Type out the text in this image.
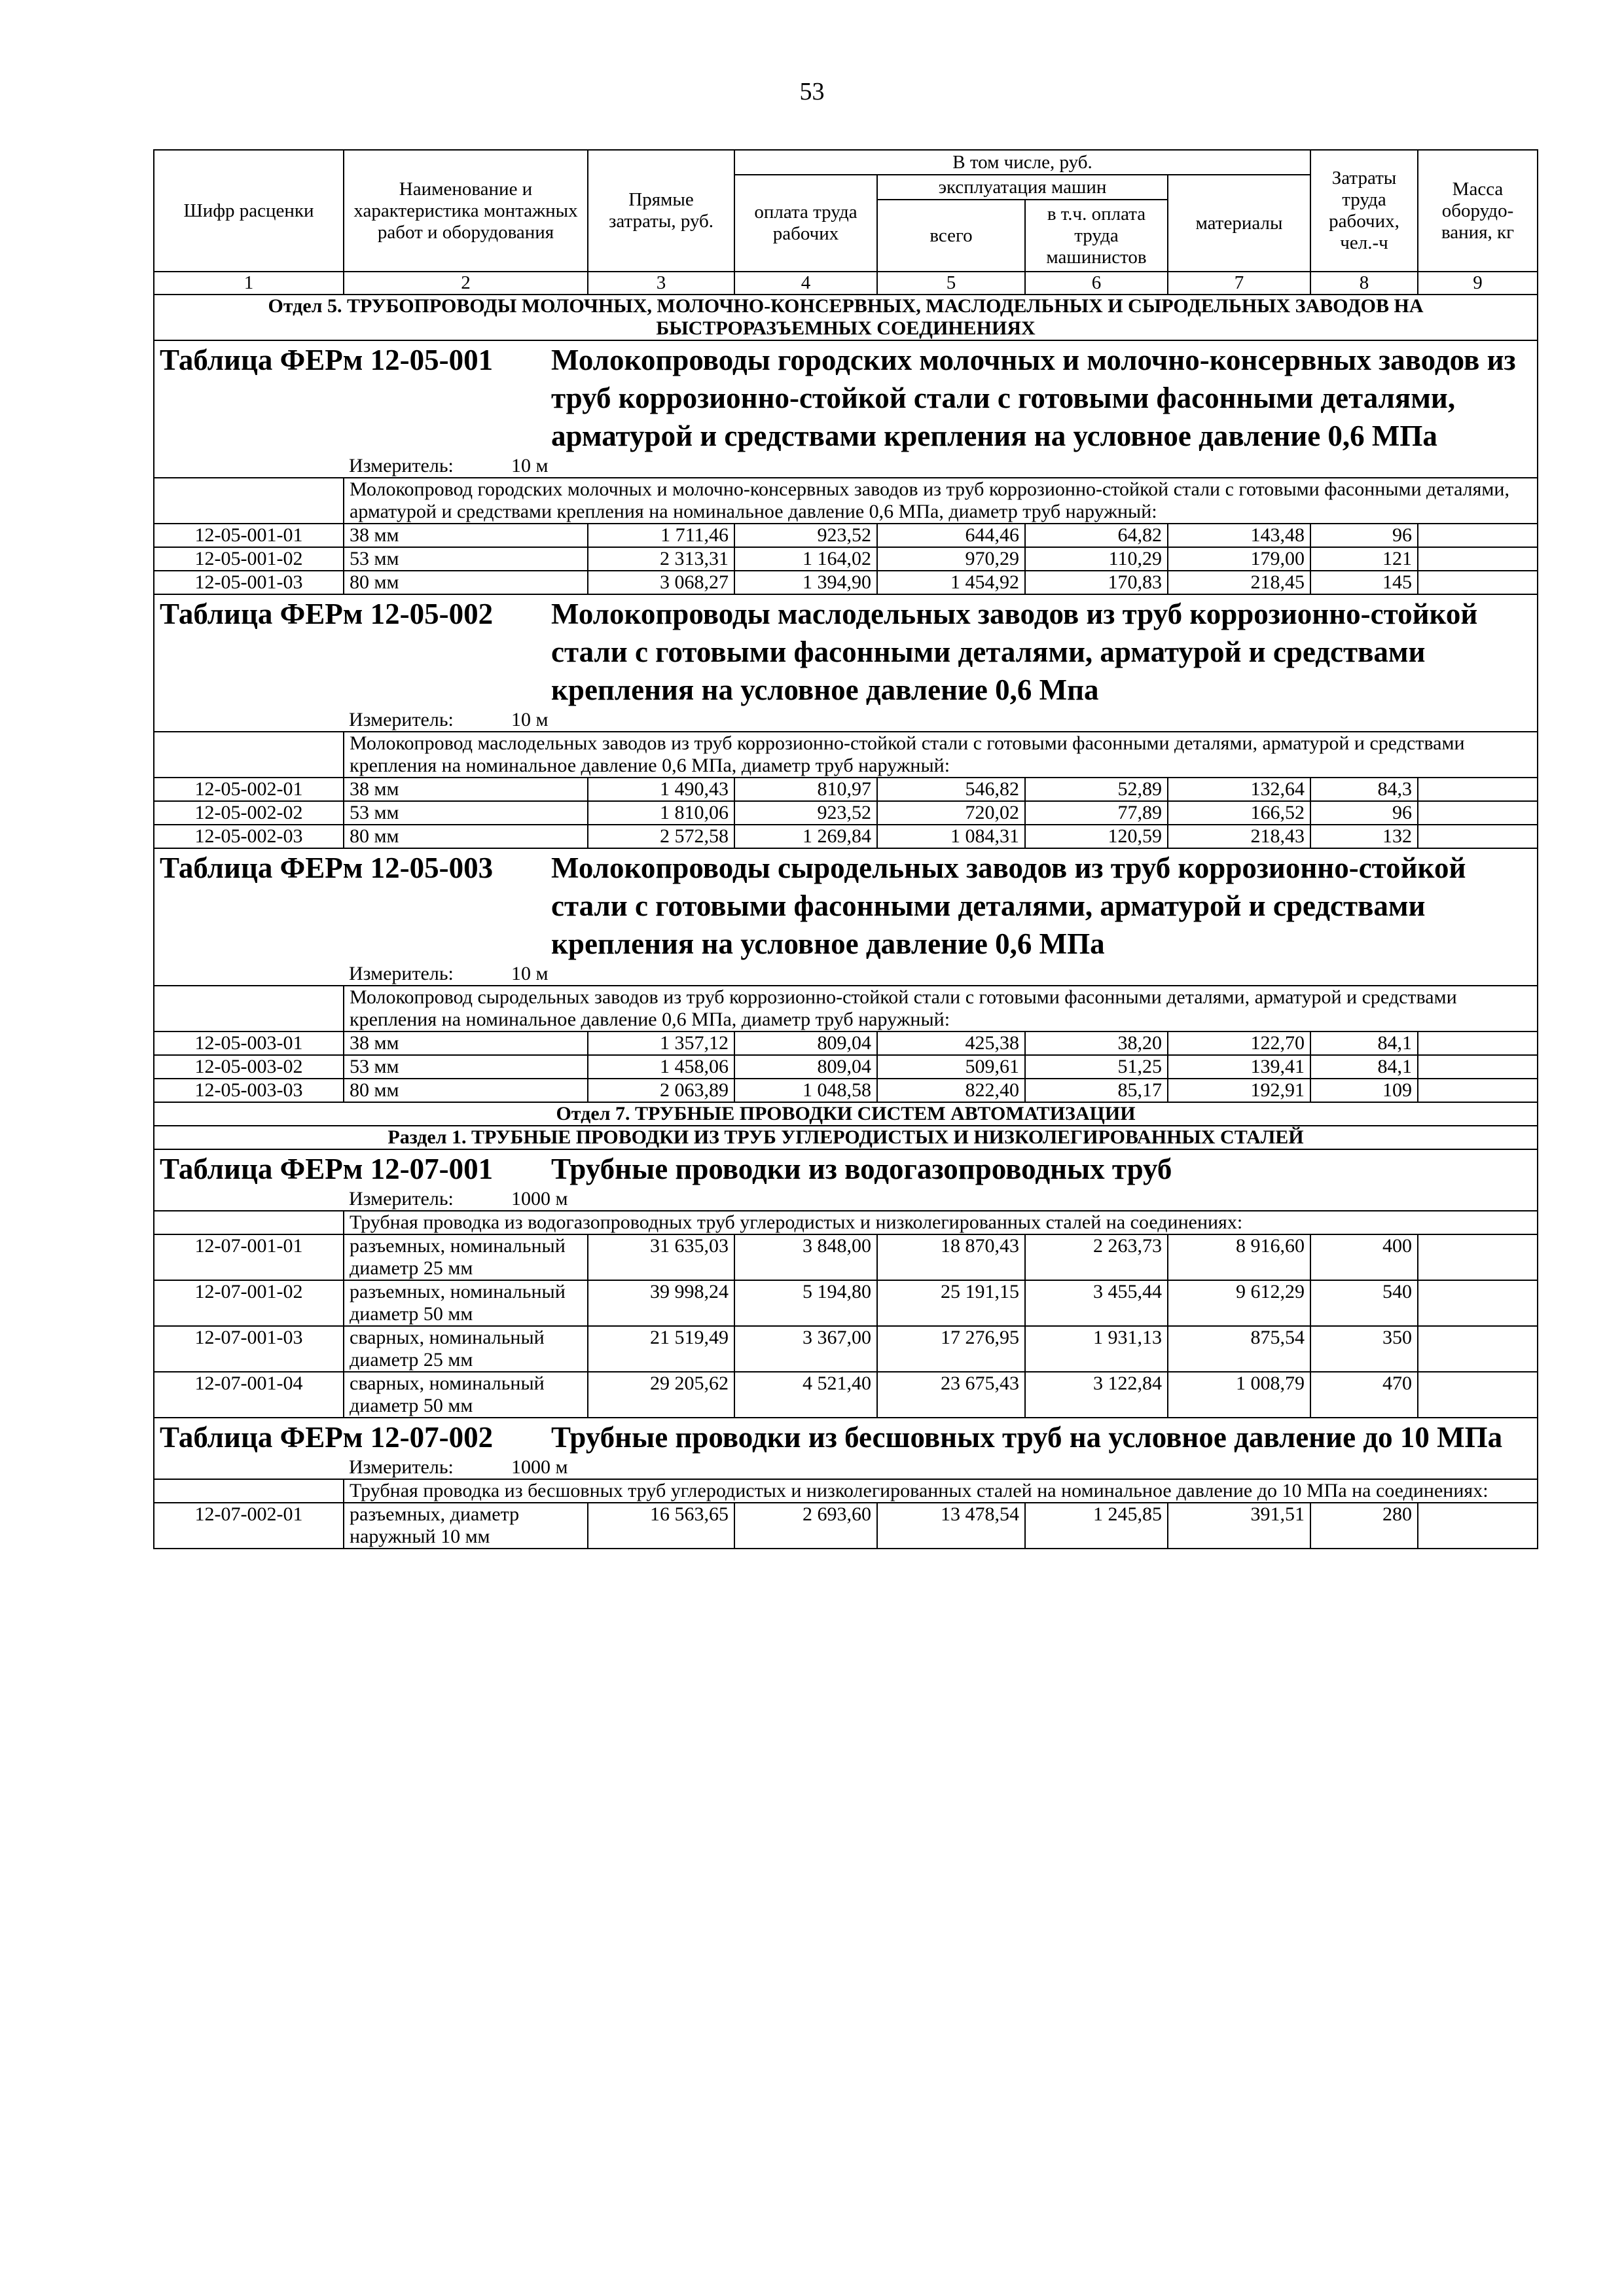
53
Шифр расценки	Наименование и характеристика монтажных работ и оборудования	Прямые затраты, руб.	В том числе, руб.				Затраты труда рабочих, чел.-ч	Масса оборудо-вания, кг
			оплата труда рабочих	эксплуатация машин		материалы		
				всего	в т.ч. оплата труда машинистов			
1	2	3	4	5	6	7	8	9
Отдел 5. ТРУБОПРОВОДЫ МОЛОЧНЫХ, МОЛОЧНО-КОНСЕРВНЫХ, МАСЛОДЕЛЬНЫХ И СЫРОДЕЛЬНЫХ ЗАВОДОВ НА БЫСТРОРАЗЪЕМНЫХ СОЕДИНЕНИЯХ								

Таблица ФЕРм 12-05-001 Молокопроводы городских молочных и молочно-консервных заводов из труб коррозионно-стойкой стали с готовыми фасонными деталями, арматурой и средствами крепления на условное давление 0,6 МПа								

	Измеритель: 10 м							
	Молокопровод городских молочных и молочно-консервных заводов из труб коррозионно-стойкой стали с готовыми фасонными деталями, арматурой и средствами крепления на номинальное давление 0,6 МПа, диаметр труб наружный:							
12-05-001-01	38 мм	1 711,46	923,52	644,46	64,82	143,48	96	
12-05-001-02	53 мм	2 313,31	1 164,02	970,29	110,29	179,00	121	
12-05-001-03	80 мм	3 068,27	1 394,90	1 454,92	170,83	218,45	145	

Таблица ФЕРм 12-05-002 Молокопроводы маслодельных заводов из труб коррозионно-стойкой стали с готовыми фасонными деталями, арматурой и средствами крепления на условное давление 0,6 Мпа								

	Измеритель: 10 м							
	Молокопровод маслодельных заводов из труб коррозионно-стойкой стали с готовыми фасонными деталями, арматурой и средствами крепления на номинальное давление 0,6 МПа, диаметр труб наружный:							
12-05-002-01	38 мм	1 490,43	810,97	546,82	52,89	132,64	84,3	
12-05-002-02	53 мм	1 810,06	923,52	720,02	77,89	166,52	96	
12-05-002-03	80 мм	2 572,58	1 269,84	1 084,31	120,59	218,43	132	

Таблица ФЕРм 12-05-003 Молокопроводы сыродельных заводов из труб коррозионно-стойкой стали с готовыми фасонными деталями, арматурой и средствами крепления на условное давление 0,6 МПа								

	Измеритель: 10 м							
	Молокопровод сыродельных заводов из труб коррозионно-стойкой стали с готовыми фасонными деталями, арматурой и средствами крепления на номинальное давление 0,6 МПа, диаметр труб наружный:							
12-05-003-01	38 мм	1 357,12	809,04	425,38	38,20	122,70	84,1	
12-05-003-02	53 мм	1 458,06	809,04	509,61	51,25	139,41	84,1	
12-05-003-03	80 мм	2 063,89	1 048,58	822,40	85,17	192,91	109	
Отдел 7. ТРУБНЫЕ ПРОВОДКИ СИСТЕМ АВТОМАТИЗАЦИИ								
Раздел 1. ТРУБНЫЕ ПРОВОДКИ ИЗ ТРУБ УГЛЕРОДИСТЫХ И НИЗКОЛЕГИРОВАННЫХ СТАЛЕЙ								

Таблица ФЕРм 12-07-001 Трубные проводки из водогазопроводных труб								

	Измеритель: 1000 м							
	Трубная проводка из водогазопроводных труб углеродистых и низколегированных сталей на соединениях:							
12-07-001-01	разъемных, номинальный диаметр 25 мм	31 635,03	3 848,00	18 870,43	2 263,73	8 916,60	400	
12-07-001-02	разъемных, номинальный диаметр 50 мм	39 998,24	5 194,80	25 191,15	3 455,44	9 612,29	540	
12-07-001-03	сварных, номинальный диаметр 25 мм	21 519,49	3 367,00	17 276,95	1 931,13	875,54	350	
12-07-001-04	сварных, номинальный диаметр 50 мм	29 205,62	4 521,40	23 675,43	3 122,84	1 008,79	470	

Таблица ФЕРм 12-07-002 Трубные проводки из бесшовных труб на условное давление до 10 МПа								

	Измеритель: 1000 м							
	Трубная проводка из бесшовных труб углеродистых и низколегированных сталей на номинальное давление до 10 МПа на соединениях:							
12-07-002-01	разъемных, диаметр наружный 10 мм	16 563,65	2 693,60	13 478,54	1 245,85	391,51	280	
